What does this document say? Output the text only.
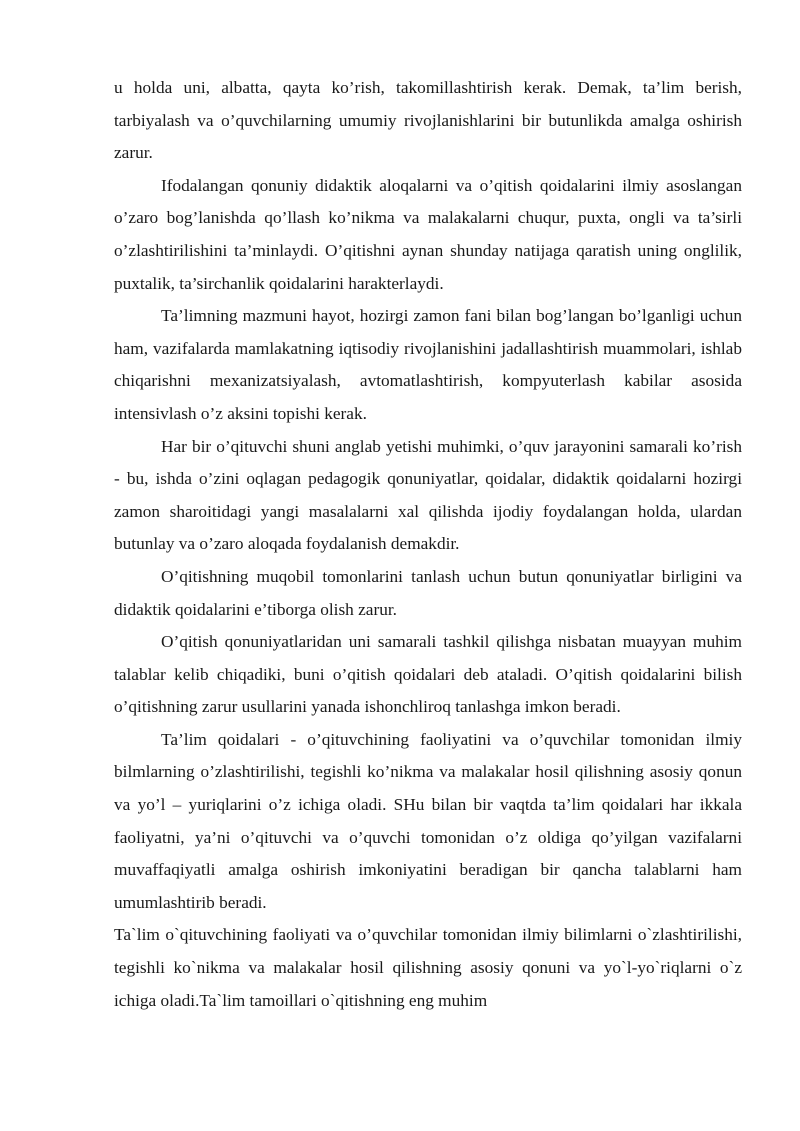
u holda uni, albatta, qayta ko’rish, takomillashtirish kerak. Demak, ta’lim berish, tarbiyalash va o’quvchilarning umumiy rivojlanishlarini bir butunlikda amalga oshirish zarur.

Ifodalangan qonuniy didaktik aloqalarni va o’qitish qoidalarini ilmiy asoslangan o’zaro bog’lanishda qo’llash ko’nikma va malakalarni chuqur, puxta, ongli va ta’sirli o’zlashtirilishini ta’minlaydi. O’qitishni aynan shunday natijaga qaratish uning onglilik, puxtalik, ta’sirchanlik qoidalarini harakterlaydi.

Ta’limning mazmuni hayot, hozirgi zamon fani bilan bog’langan bo’lganligi uchun ham, vazifalarda mamlakatning iqtisodiy rivojlanishini jadallashtirish muammolari, ishlab chiqarishni mexanizatsiyalash, avtomatlashtirish, kompyuterlash kabilar asosida intensivlash o’z aksini topishi kerak.

Har bir o’qituvchi shuni anglab yetishi muhimki, o’quv jarayonini samarali ko’rish - bu, ishda o’zini oqlagan pedagogik qonuniyatlar, qoidalar, didaktik qoidalarni hozirgi zamon sharoitidagi yangi masalalarni xal qilishda ijodiy foydalangan holda, ulardan butunlay va o’zaro aloqada foydalanish demakdir.

O’qitishning muqobil tomonlarini tanlash uchun butun qonuniyatlar birligini va didaktik qoidalarini e’tiborga olish zarur.

O’qitish qonuniyatlaridan uni samarali tashkil qilishga nisbatan muayyan muhim talablar kelib chiqadiki, buni o’qitish qoidalari deb ataladi. O’qitish qoidalarini bilish o’qitishning zarur usullarini yanada ishonchliroq tanlashga imkon beradi.

Ta’lim qoidalari - o’qituvchining faoliyatini va o’quvchilar tomonidan ilmiy bilmlarning o’zlashtirilishi, tegishli ko’nikma va malakalar hosil qilishning asosiy qonun va yo’l – yuriqlarini o’z ichiga oladi. SHu bilan bir vaqtda ta’lim qoidalari har ikkala faoliyatni, ya’ni o’qituvchi va o’quvchi tomonidan o’z oldiga qo’yilgan vazifalarni muvaffaqiyatli amalga oshirish imkoniyatini beradigan bir qancha talablarni ham umumlashtirib beradi.

Ta`lim o`qituvchining faoliyati va o’quvchilar tomonidan ilmiy bilimlarni o`zlashtirilishi, tegishli ko`nikma va malakalar hosil qilishning asosiy qonuni va yo`l-yo`riqlarni o`z ichiga oladi.Ta`lim tamoillari o`qitishning eng muhim
